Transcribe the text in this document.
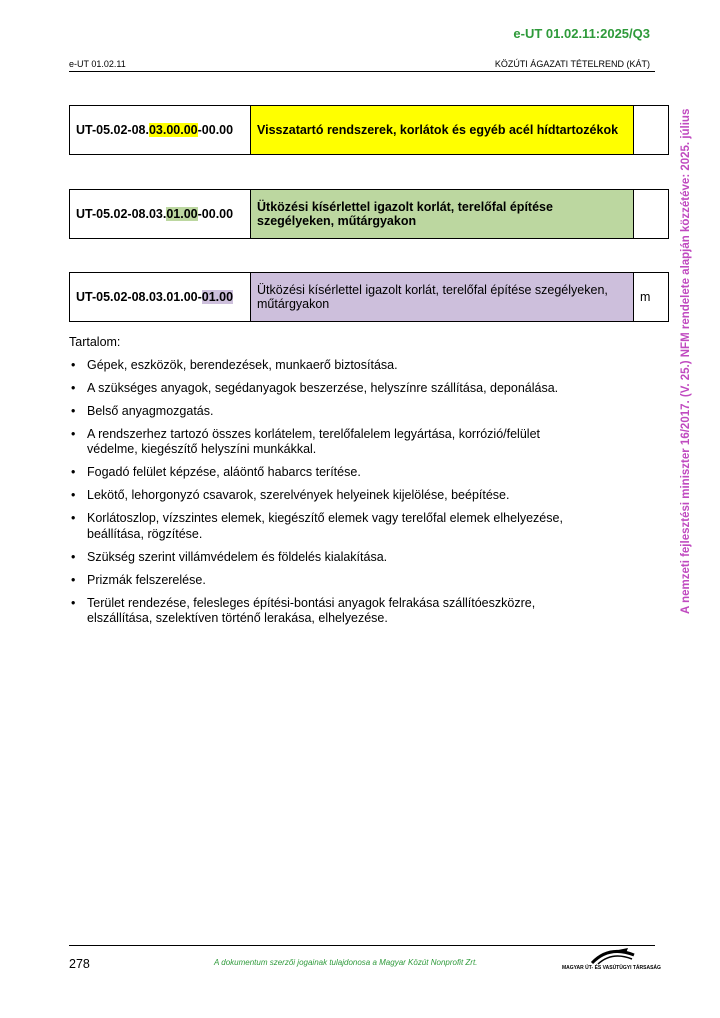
e-UT 01.02.11:2025/Q3
e-UT 01.02.11	KÖZÚTI ÁGAZATI TÉTELREND (KÁT)
A nemzeti fejlesztési miniszter 16/2017. (V. 25.) NFM rendelete alapján közzétéve: 2025. július
UT-05.02-08.03.00.00-00.00	Visszatartó rendszerek, korlátok és egyéb acél hídtartozékok	
UT-05.02-08.03.01.00-00.00	Ütközési kísérlettel igazolt korlát, terelőfal építése szegélyeken, műtárgyakon	
UT-05.02-08.03.01.00-01.00	Ütközési kísérlettel igazolt korlát, terelőfal építése szegélyeken, műtárgyakon	m
Tartalom:
• Gépek, eszközök, berendezések, munkaerő biztosítása.
• A szükséges anyagok, segédanyagok beszerzése, helyszínre szállítása, deponálása.
• Belső anyagmozgatás.
• A rendszerhez tartozó összes korlátelem, terelőfalelem legyártása, korrózió/felület védelme, kiegészítő helyszíni munkákkal.
• Fogadó felület képzése, aláöntő habarcs terítése.
• Lekötő, lehorgonyzó csavarok, szerelvények helyeinek kijelölése, beépítése.
• Korlátoszlop, vízszintes elemek, kiegészítő elemek vagy terelőfal elemek elhelyezése, beállítása, rögzítése.
• Szükség szerint villámvédelem és földelés kialakítása.
• Prizmák felszerelése.
• Terület rendezése, felesleges építési-bontási anyagok felrakása szállítóeszközre, elszállítása, szelektíven történő lerakása, elhelyezése.
278	A dokumentum szerzői jogainak tulajdonosa a Magyar Közút Nonprofit Zrt.
MAGYAR ÚT- ÉS VASÚTÜGYI TÁRSASÁG
